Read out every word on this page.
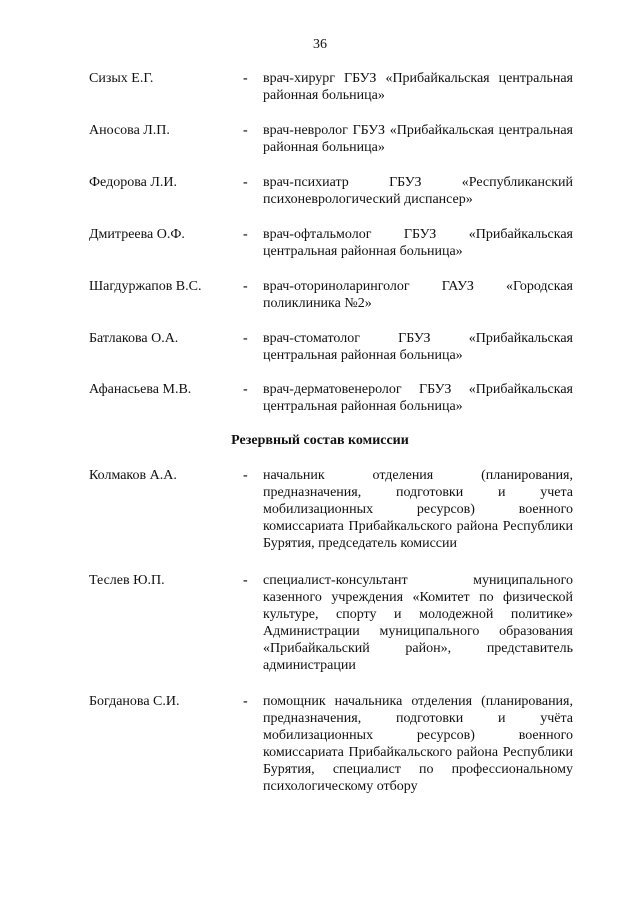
36
Сизых Е.Г.	- врач-хирург ГБУЗ «Прибайкальская центральная районная больница»
Аносова Л.П.	- врач-невролог ГБУЗ «Прибайкальская центральная районная больница»
Федорова Л.И.	- врач-психиатр ГБУЗ «Республиканский психоневрологический диспансер»
Дмитреева О.Ф.	- врач-офтальмолог ГБУЗ «Прибайкальская центральная районная больница»
Шагдуржапов В.С.	- врач-оториноларинголог ГАУЗ «Городская поликлиника №2»
Батлакова О.А.	- врач-стоматолог ГБУЗ «Прибайкальская центральная районная больница»
Афанасьева М.В.	- врач-дерматовенеролог ГБУЗ «Прибайкальская центральная районная больница»
Резервный состав комиссии
Колмаков А.А.	- начальник отделения (планирования, предназначения, подготовки и учета мобилизационных ресурсов) военного комиссариата Прибайкальского района Республики Бурятия, председатель комиссии
Теслев Ю.П.	- специалист-консультант муниципального казенного учреждения «Комитет по физической культуре, спорту и молодежной политике» Администрации муниципального образования «Прибайкальский район», представитель администрации
Богданова С.И.	- помощник начальника отделения (планирования, предназначения, подготовки и учёта мобилизационных ресурсов) военного комиссариата Прибайкальского района Республики Бурятия, специалист по профессиональному психологическому отбору
